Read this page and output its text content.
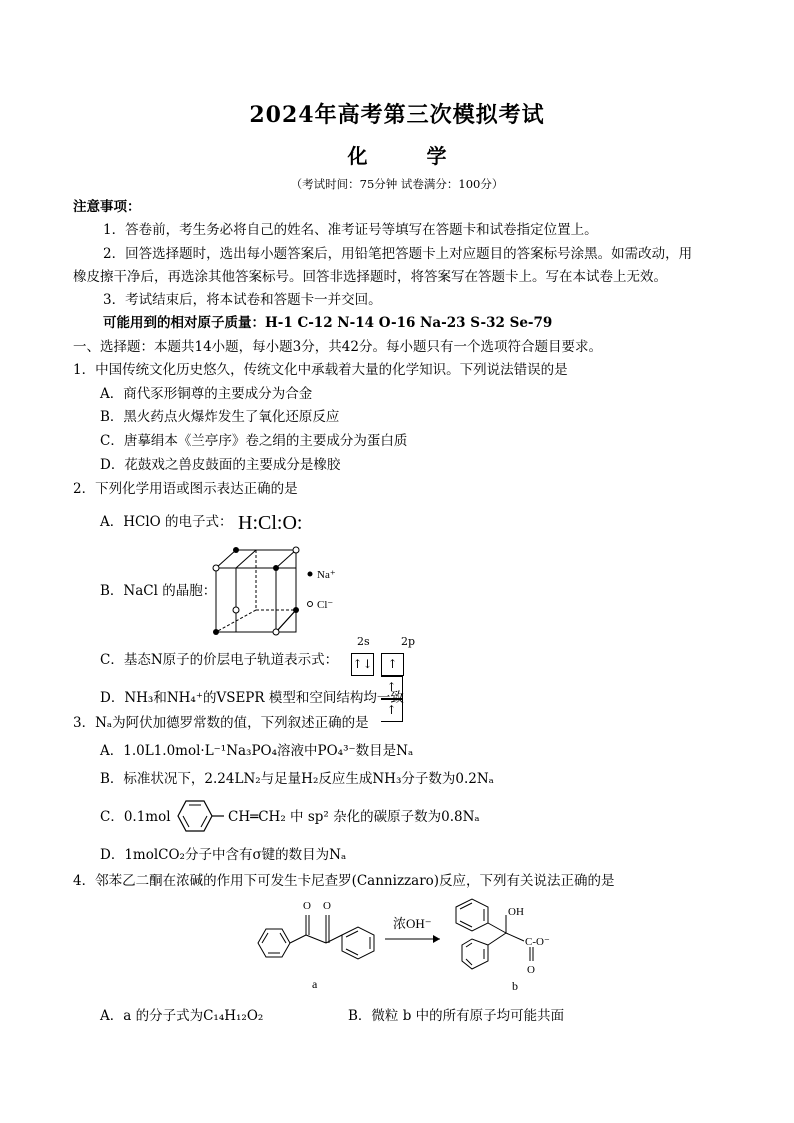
2024年高考第三次模拟考试
化 学
（考试时间：75分钟 试卷满分：100分）
注意事项：
1．答卷前，考生务必将自己的姓名、准考证号等填写在答题卡和试卷指定位置上。
2．回答选择题时，选出每小题答案后，用铅笔把答题卡上对应题目的答案标号涂黑。如需改动，用
橡皮擦干净后，再选涂其他答案标号。回答非选择题时，将答案写在答题卡上。写在本试卷上无效。
3．考试结束后，将本试卷和答题卡一并交回。
可能用到的相对原子质量：H-1 C-12 N-14 O-16 Na-23 S-32 Se-79
一、选择题：本题共14小题，每小题3分，共42分。每小题只有一个选项符合题目要求。
1．中国传统文化历史悠久，传统文化中承载着大量的化学知识。下列说法错误的是
A．商代豕形铜尊的主要成分为合金
B．黑火药点火爆炸发生了氧化还原反应
C．唐摹绢本《兰亭序》卷之绢的主要成分为蛋白质
D．花鼓戏之兽皮鼓面的主要成分是橡胶
2．下列化学用语或图示表达正确的是
A．HClO 的电子式： H:Cl:O:
B．NaCl 的晶胞：
Na⁺
Cl⁻
C．基态N原子的价层电子轨道表示式：
2s	2p
↑↓	↑↑↑
D．NH₃和NH₄⁺的VSEPR 模型和空间结构均一致
3．Nₐ为阿伏加德罗常数的值，下列叙述正确的是
A．1.0L1.0mol·L⁻¹Na₃PO₄溶液中PO₄³⁻数目是Nₐ
B．标准状况下，2.24LN₂与足量H₂反应生成NH₃分子数为0.2Nₐ
C．0.1mol	CH═CH₂ 中 sp² 杂化的碳原子数为0.8Nₐ
D．1molCO₂分子中含有σ键的数目为Nₐ
4．邻苯乙二酮在浓碱的作用下可发生卡尼查罗(Cannizzaro)反应，下列有关说法正确的是
O O
a
浓OH⁻
OH
C-O⁻
O
b
A．a 的分子式为C₁₄H₁₂O₂	B．微粒 b 中的所有原子均可能共面
